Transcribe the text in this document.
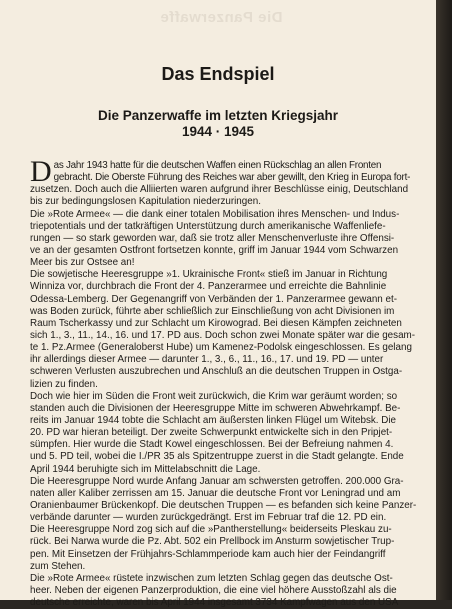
Die Panzerwaffe
Das Endspiel
Die Panzerwaffe im letzten Kriegsjahr
1944 · 1945
D as Jahr 1943 hatte für die deutschen Waffen einen Rückschlag an allen Fronten
gebracht. Die Oberste Führung des Reiches war aber gewillt, den Krieg in Europa fort-
zusetzen. Doch auch die Alliierten waren aufgrund ihrer Beschlüsse einig, Deutschland
bis zur bedingungslosen Kapitulation niederzuringen.
Die »Rote Armee« — die dank einer totalen Mobilisation ihres Menschen- und Indus-
triepotentials und der tatkräftigen Unterstützung durch amerikanische Waffenliefe-
rungen — so stark geworden war, daß sie trotz aller Menschenverluste ihre Offensi-
ve an der gesamten Ostfront fortsetzen konnte, griff im Januar 1944 vom Schwarzen
Meer bis zur Ostsee an!
Die sowjetische Heeresgruppe »1. Ukrainische Front« stieß im Januar in Richtung
Winniza vor, durchbrach die Front der 4. Panzerarmee und erreichte die Bahnlinie
Odessa-Lemberg. Der Gegenangriff von Verbänden der 1. Panzerarmee gewann et-
was Boden zurück, führte aber schließlich zur Einschließung von acht Divisionen im
Raum Tscherkassy und zur Schlacht um Kirowograd. Bei diesen Kämpfen zeichneten
sich 1., 3., 11., 14., 16. und 17. PD aus. Doch schon zwei Monate später war die gesam-
te 1. Pz.Armee (Generaloberst Hube) um Kamenez-Podolsk eingeschlossen. Es gelang
ihr allerdings dieser Armee — darunter 1., 3., 6., 11., 16., 17. und 19. PD — unter
schweren Verlusten auszubrechen und Anschluß an die deutschen Truppen in Ostga-
lizien zu finden.
Doch wie hier im Süden die Front weit zurückwich, die Krim war geräumt worden; so
standen auch die Divisionen der Heeresgruppe Mitte im schweren Abwehrkampf. Be-
reits im Januar 1944 tobte die Schlacht am äußersten linken Flügel um Witebsk. Die
20. PD war hieran beteiligt. Der zweite Schwerpunkt entwickelte sich in den Pripjet-
sümpfen. Hier wurde die Stadt Kowel eingeschlossen. Bei der Befreiung nahmen 4.
und 5. PD teil, wobei die I./PR 35 als Spitzentruppe zuerst in die Stadt gelangte. Ende
April 1944 beruhigte sich im Mittelabschnitt die Lage.
Die Heeresgruppe Nord wurde Anfang Januar am schwersten getroffen. 200.000 Gra-
naten aller Kaliber zerrissen am 15. Januar die deutsche Front vor Leningrad und am
Oranienbaumer Brückenkopf. Die deutschen Truppen — es befanden sich keine Panzer-
verbände darunter — wurden zurückgedrängt. Erst im Februar traf die 12. PD ein.
Die Heeresgruppe Nord zog sich auf die »Pantherstellung« beiderseits Pleskau zu-
rück. Bei Narwa wurde die Pz. Abt. 502 ein Prellbock im Ansturm sowjetischer Trup-
pen. Mit Einsetzen der Frühjahrs-Schlammperiode kam auch hier der Feindangriff
zum Stehen.
Die »Rote Armee« rüstete inzwischen zum letzten Schlag gegen das deutsche Ost-
heer. Neben der eigenen Panzerproduktion, die eine viel höhere Ausstoßzahl als die
deutsche erreichte, waren bis April 1944 insgesamt 3734 Kampfwagen aus den USA
